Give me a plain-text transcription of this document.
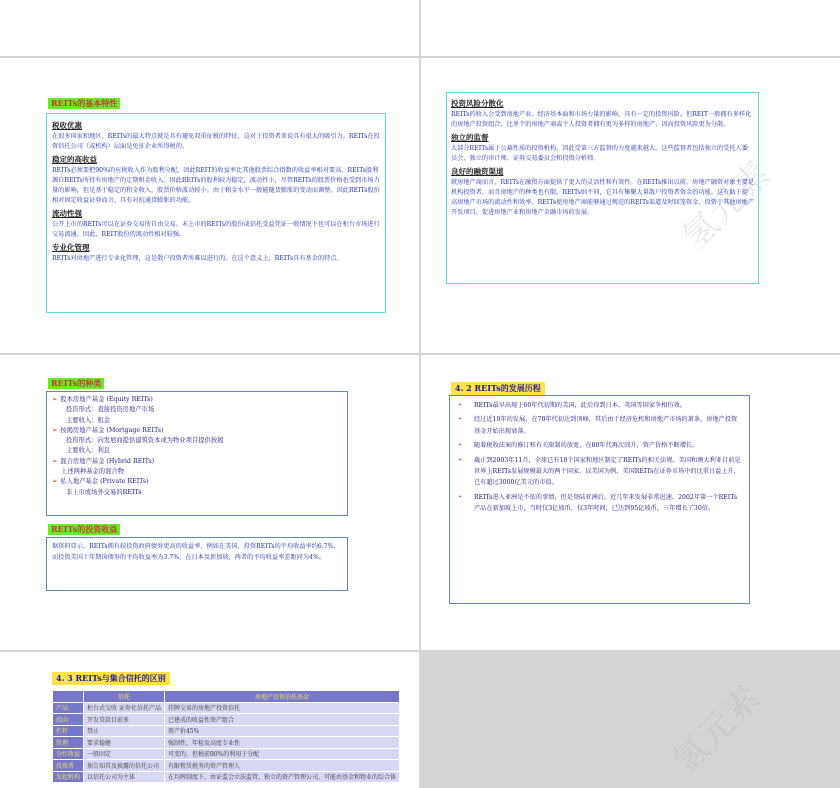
REITs的基本特性
税收优惠
在很多国家和地区，REITs的最大特点就是具有避免双重征税的特征，这对于投资者来说具有很大的吸引力。REITs在投资信托公司（或机构）层面是免征企业所得税的。
稳定的高收益
REITs必须要把90%的应税收入作为股利分配，因此REIT的收益率比其他股票综合指数的收益率相对要高。REITs股利源自REITs所持有房地产的定期租金收入，因此REITs的股利较为稳定，波动性小，尽管REITs的股票价格也受到市场力量的影响，但是基于稳定的租金收入，股票价格波动较小。由于租金水平一般能随货膨胀的变动而调整，因此REITs股价相对固定收益证券而言，具有对抗通货膨胀的功能。
流动性强
公开上市的REITs可以在证券交易所自由交易。未上市的REITs的股份或信托受益凭证一般情况下也可以在柜台市场进行交易流通，因此，REIT股份的流动性相对较强。
专业化管理
REITs对房地产进行专业化管理，这是散户投资者所难以进行的。在这个意义上，REITs具有基金的特点。
氢元素
投资风险分散化
REITs的收入会受到房地产业、经济基本面和市场力量的影响，具有一定的投资风险。但REIT一般拥有多样化的房地产投资组合，比单个的房地产商或个人投资者拥有更为多样的房地产，因而投资风险更为分散。
独立的监督
大部分REITs属于公募性质的投资机构，因此受第三方监督的力度越来越大。这些监督者包括独立的受托人委员会、独立的审计师、证券交易委员会和投资分析师。
良好的融资渠道
就房地产商而言，REITs在融资方面提供了更大的灵活性和有效性。在REITs推出以前，房地产融资对象主要是机构投资者，而且房地产的种类也有限。REITs则不同，它具有集聚大量散户投资者资金的功能。这有助于提高房地产市场的流动性和效率。REITs使房地产商能够通过规范的REITs渠道及时回笼资金，投资于其他房地产开发项目，促进房地产业和房地产金融市场的发展。
REITs的种类
➢ 股本房地产基金 (Equity REITs)
投资形式：直接投资房地产市场
主要收入：租金
➢ 按揭房地产基金 (Mortgage REITs)
投资形式：向发展商提供建筑资本或为物业项目提供按揭
主要收入：利息
➢ 混合房地产基金 (Hybrid REITs)
上述两种基金的混合物
➢ 私人地产基金 (Private REITs)
非上市或场外交易的REITs
REITs的投资收益
据资料显示，REITs拥有较投资政府债券更高的收益率，例如在美国，投资REITs的平均收益率约6.7%，而投资美国十年期国债券的平均收益率为3.7%，在日本及新加坡，两者的平均收益率差距同为4%。
4. 2 REITs的发展历程
➢	REITs最早出现于60年代初期的美国，此后得到日本、英国等国家争相仿效。
➢	经过近10年的发展，在70年代初达到顶峰，其后由于经济危机和房地产市场的萧条，房地产投资基金开始出现衰落。
➢	随着税收法案的修订和有关限制的放宽，在80年代再次回升，资产价格不断增长。
➢	截止到2003年11月，全球已有18个国家和地区制定了REITs的相关法规。美国和澳大利亚目前是世界上REITs发展规模最大的两个国家，以美国为例，美国REITs在证券市场中的比重日益上升，已有超过3000亿美元的市值。
➢	REITs进入亚洲是不依的事情，但是登陆亚洲后，近几年来发展非常迅速。2002年第一个REITs产品在新加坡上市，当时仅3亿坡币，仅3年时间，已达到95亿坡币，三年增长了30倍。
4. 3 REITs与集合信托的区别
	信托	房地产投资信托基金
产品	柜台式交收 证券化信托产品	挂牌交易的房地产投资信托
投向	开发贷款目前多	已建成的收益性资产组合
杠杆	禁止	资产价45%
管理	要求稳健	强制性，年检及高度专业性
分红收益	一般固定	可变的，但税前90%的利用于分配
投资者	须告知其及披露的信托公司	有限租赁税务的资产管理人
发起机构	以信托公司为主体	在均牌制度下，由证监会立法监管，独立的资产管理公司，可能由基金和物业的综合体	氢元素
